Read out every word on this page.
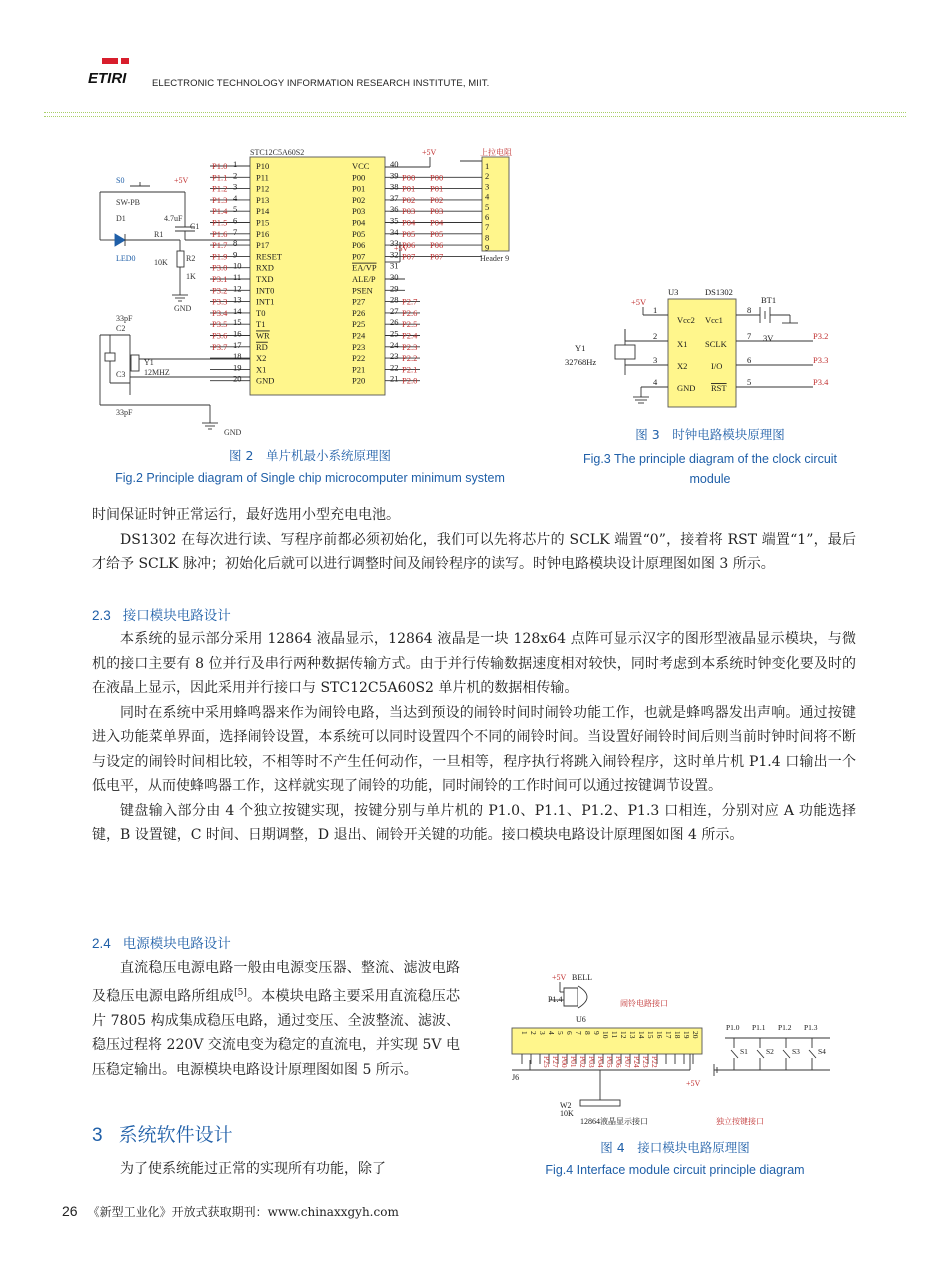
ETIRI	ELECTRONIC TECHNOLOGY INFORMATION RESEARCH INSTITUTE, MIIT.
P10
1
P1.0
P11
2
P1.1
P12
3
P1.2
P13
4
P1.3
P14
5
P1.4
P15
6
P1.5
P16
7
P1.6
P17
8
P1.7
RESET
9
P1.9
RXD
10
P3.0
TXD
11
P3.1
INT0
12
P3.2
INT1
13
P3.3
T0
14
P3.4
T1
15
P3.5
WR
16
P3.6
RD
17
P3.7
X2
18
X1
19
GND
20
VCC 40
P00	39 P00 P00
P01	38 P01 P01
P02	37 P02 P02
P03	36 P03 P03
P04	35 P04 P04
P05	34 P05 P05
P06	33 P06 P06
P07	32 P07 P07
EA/VP 31
ALE/P 30
PSEN 29
P27	28 P2.7
P26	27 P2.6
P25	26 P2.5
P24	25 P2.4
P23	24 P2.3
P22	23 P2.2
P21	22 P2.1
P20	21 P2.0
1
2
3
4
5
6
7
8
9
STC12C5A60S2	+5V	上拉电阻
Header 9
S0
SW-PB
D1
LED0
R1
10K R2
1K
C1
4.7uF
+5V
GND
33pF
C2
C3
33pF
Y1
12MHZ
GND
+5V
图 2　单片机最小系统原理图
Fig.2 Principle diagram of Single chip microcomputer minimum system
U3	DS1302
+5V	BT1
3V
Y1
32768Hz
Vcc2
X1
X2
GND
Vcc1
SCLK
I/O
RST
1
2
3
4
8
7
6
5
P3.2
P3.3
P3.4
图 3　时钟电路模块原理图
Fig.3 The principle diagram of the clock circuit
module

时间保证时钟正常运行，最好选用小型充电电池。

DS1302 在每次进行读、写程序前都必须初始化，我们可以先将芯片的 SCLK 端置“0”，接着将 RST 端置“1”，最后才给予 SCLK 脉冲；初始化后就可以进行调整时间及闹铃程序的读写。时钟电路模块设计原理图如图 3 所示。

2.3 接口模块电路设计

本系统的显示部分采用 12864 液晶显示，12864 液晶是一块 128x64 点阵可显示汉字的图形型液晶显示模块，与微机的接口主要有 8 位并行及串行两种数据传输方式。由于并行传输数据速度相对较快，同时考虑到本系统时钟变化要及时的在液晶上显示，因此采用并行接口与 STC12C5A60S2 单片机的数据相传输。

同时在系统中采用蜂鸣器来作为闹铃电路，当达到预设的闹铃时间时闹铃功能工作，也就是蜂鸣器发出声响。通过按键进入功能菜单界面，选择闹铃设置，本系统可以同时设置四个不同的闹铃时间。当设置好闹铃时间后则当前时钟时间将不断与设定的闹铃时间相比较，不相等时不产生任何动作，一旦相等，程序执行将跳入闹铃程序，这时单片机 P1.4 口输出一个低电平，从而使蜂鸣器工作，这样就实现了闹铃的功能，同时闹铃的工作时间可以通过按键调节设置。

键盘输入部分由 4 个独立按键实现，按键分别与单片机的 P1.0、P1.1、P1.2、P1.3 口相连，分别对应 A 功能选择键，B 设置键，C 时间、日期调整，D 退出、闹铃开关键的功能。接口模块电路设计原理图如图 4 所示。

2.4 电源模块电路设计

直流稳压电源电路一般由电源变压器、整流、滤波电路及稳压电源电路所组成[5]。本模块电路主要采用直流稳压芯片 7805 构成集成稳压电路，通过变压、全波整流、滤波、稳压过程将 220V 交流电变为稳定的直流电，并实现 5V 电压稳定输出。电源模块电路设计原理图如图 5 所示。

3 系统软件设计

为了使系统能过正常的实现所有功能，除了

1 2 3 4 5 6 7 8 9 10 11 12 13 14 15 16 17 18 19 20
P25 P27 P00 P01 P02 P03 P04 P05 P06 P07 P24 P23 P22
P1.0
S1
P1.1
S2
P1.2
S3
P1.3
S4
+5V BELL
P1.4
U6
闹铃电路接口
J6
W2
10K
12864液晶显示接口
+5V
独立按键接口
图 4　接口模块电路原理图
Fig.4 Interface module circuit principle diagram
26 《新型工业化》开放式获取期刊：www.chinaxxgyh.com
